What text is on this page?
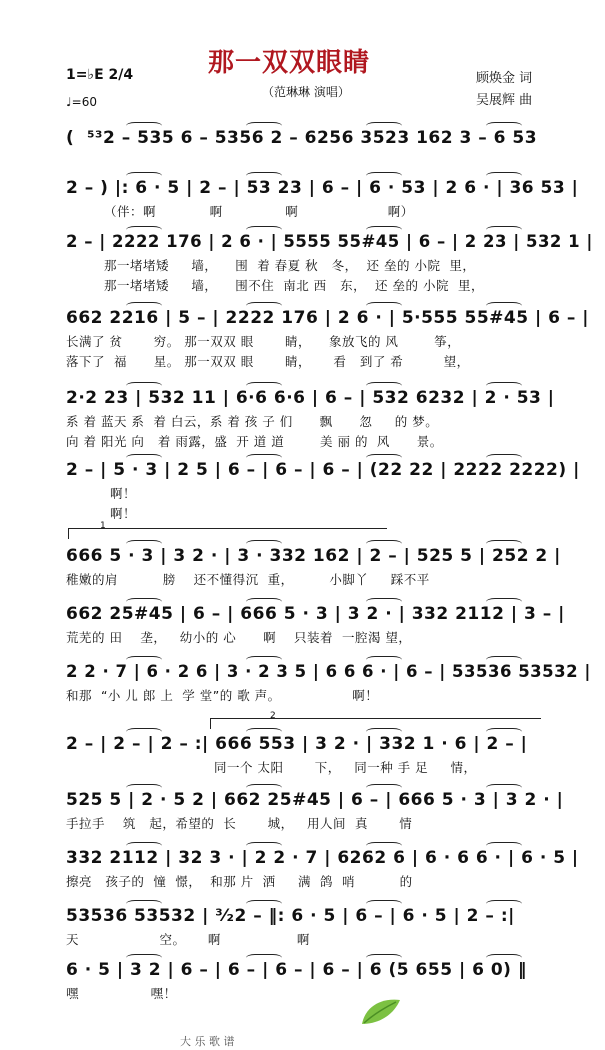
那一双双眼睛
（范琳琳 演唱）
1=♭E 2/4
♩=60
顾焕金 词
吴展辉 曲
(  ⁵³2 – 535 6 – 5356 2 – 6256 3523 162 3 – 6 53
2 – ) |: 6 · 5 | 2 – | 53 23 | 6 – | 6 · 53 | 2 6 · | 36 53 |
（伴：啊            啊              啊                    啊）
2 – | 2222 176 | 2 6 · | 5555 55#45 | 6 – | 2 23 | 532 1 |
那一堵堵矮     墙，    围  着 春夏 秋   冬，  还 垒的 小院  里，
那一堵堵矮     墙，    围不住  南北 西   东，  还 垒的 小院  里，
662 2216 | 5 – | 2222 176 | 2 6 · | 5·555 55#45 | 6 – |
长满了 贫       穷。 那一双双 眼       睛，    象放飞的 风        筝，
落下了  福      星。 那一双双 眼       睛，     看   到了 希         望，
2·2 23 | 532 11 | 6·6 6·6 | 6 – | 532 6232 | 2 · 53 |
系 着 蓝天 系  着 白云，系 着 孩 子 们      飘      忽     的 梦。
向 着 阳光 向   着 雨露，盛  开 道 道        美 丽 的  风      景。
2 – | 5 · 3 | 2 5 | 6 – | 6 – | 6 – | (22 22 | 2222 2222) |
啊！
啊！
666 5 · 3 | 3 2 · | 3 · 332 162 | 2 – | 525 5 | 252 2 |
稚嫩的肩          膀    还不懂得沉  重，        小脚丫     踩不平
662 25#45 | 6 – | 666 5 · 3 | 3 2 · | 332 2112 | 3 – |
荒芜的 田    垄，   幼小的 心      啊    只装着  一腔渴 望，
2 2 · 7 | 6 · 2 6 | 3 · 2 3 5 | 6 6 6 · | 6 – | 53536 53532 |
和那  “小 儿 郎 上  学 堂”的 歌 声。                啊！
2 – | 2 – | 2 – :| 666 553 | 3 2 · | 332 1 · 6 | 2 – |
同一个 太阳       下，   同一种 手 足     情，
525 5 | 2 · 5 2 | 662 25#45 | 6 – | 666 5 · 3 | 3 2 · |
手拉手    筑   起，希望的  长       城，   用人间  真       情
332 2112 | 32 3 · | 2 2 · 7 | 6262 6 | 6 · 6 6 · | 6 · 5 |
擦亮   孩子的  憧  憬，  和那 片  洒     满  鸽  哨          的
53536 53532 | ³⁄₂2 – ‖: 6 · 5 | 6 – | 6 · 5 | 2 – :|
天                  空。     啊                 啊
6 · 5 | 3 2 | 6 – | 6 – | 6 – | 6 – | 6 (5 655 | 6 0) ‖
嘿                嘿！
1
2
大 乐 歌 谱
